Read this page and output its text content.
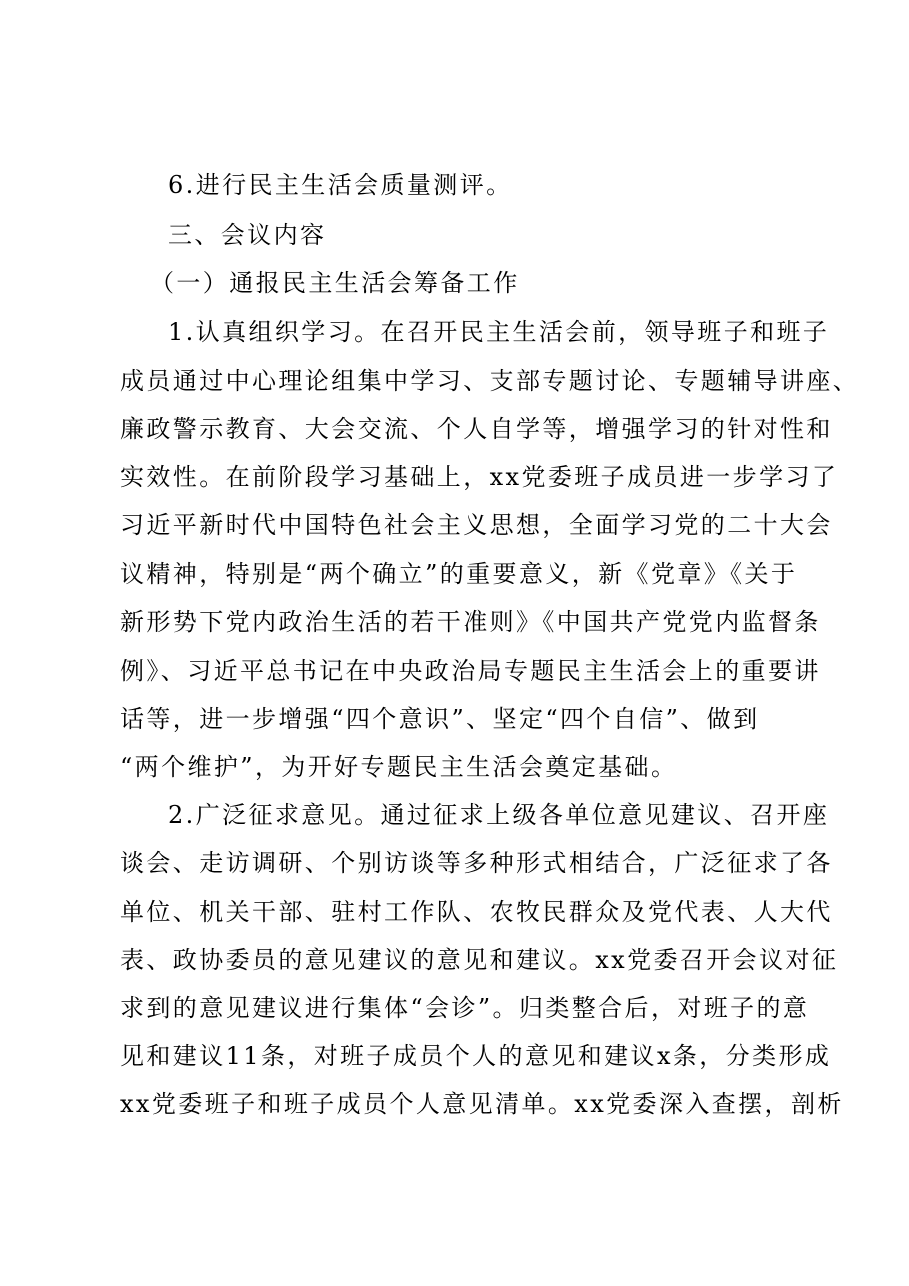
6.进行民主生活会质量测评。
三、会议内容
（一）通报民主生活会筹备工作
1.认真组织学习。在召开民主生活会前，领导班子和班子
成员通过中心理论组集中学习、支部专题讨论、专题辅导讲座、
廉政警示教育、大会交流、个人自学等，增强学习的针对性和
实效性。在前阶段学习基础上，xx党委班子成员进一步学习了
习近平新时代中国特色社会主义思想，全面学习党的二十大会
议精神，特别是“两个确立”的重要意义，新《党章》《关于
新形势下党内政治生活的若干准则》《中国共产党党内监督条
例》、习近平总书记在中央政治局专题民主生活会上的重要讲
话等，进一步增强“四个意识”、坚定“四个自信”、做到
“两个维护”，为开好专题民主生活会奠定基础。
2.广泛征求意见。通过征求上级各单位意见建议、召开座
谈会、走访调研、个别访谈等多种形式相结合，广泛征求了各
单位、机关干部、驻村工作队、农牧民群众及党代表、人大代
表、政协委员的意见建议的意见和建议。xx党委召开会议对征
求到的意见建议进行集体“会诊”。归类整合后，对班子的意
见和建议11条，对班子成员个人的意见和建议x条，分类形成
xx党委班子和班子成员个人意见清单。xx党委深入查摆，剖析
